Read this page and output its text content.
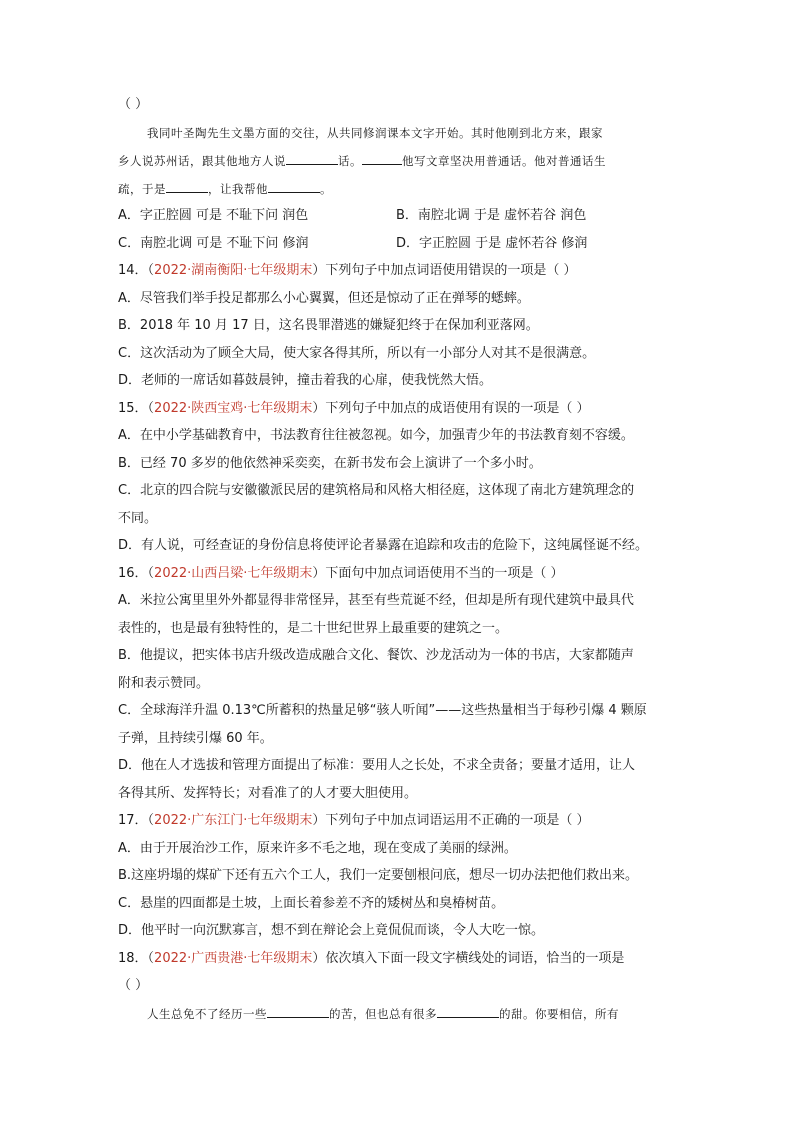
（ ）
我同叶圣陶先生文墨方面的交往，从共同修润课本文字开始。其时他刚到北方来，跟家
乡人说苏州话，跟其他地方人说	话。	他写文章坚决用普通话。他对普通话生
疏，于是	，让我帮他	。
A．字正腔圆 可是 不耻下问 润色	B．南腔北调 于是 虚怀若谷 润色
C．南腔北调 可是 不耻下问 修润	D．字正腔圆 于是 虚怀若谷 修润
14．（2022·湖南衡阳·七年级期末）下列句子中加点词语使用错误的一项是（ ）
A．尽管我们举手投足都那么小心翼翼，但还是惊动了正在弹琴的蟋蟀。
B．2018 年 10 月 17 日，这名畏罪潜逃的嫌疑犯终于在保加利亚落网。
C．这次活动为了顾全大局，使大家各得其所，所以有一小部分人对其不是很满意。
D．老师的一席话如暮鼓晨钟，撞击着我的心扉，使我恍然大悟。
15．（2022·陕西宝鸡·七年级期末）下列句子中加点的成语使用有误的一项是（ ）
A．在中小学基础教育中，书法教育往往被忽视。如今，加强青少年的书法教育刻不容缓。
B．已经 70 多岁的他依然神采奕奕，在新书发布会上演讲了一个多小时。
C．北京的四合院与安徽徽派民居的建筑格局和风格大相径庭，这体现了南北方建筑理念的
不同。
D．有人说，可经查证的身份信息将使评论者暴露在追踪和攻击的危险下，这纯属怪诞不经。
16．（2022·山西吕梁·七年级期末）下面句中加点词语使用不当的一项是（ ）
A．米拉公寓里里外外都显得非常怪异，甚至有些荒诞不经，但却是所有现代建筑中最具代
表性的，也是最有独特性的，是二十世纪世界上最重要的建筑之一。
B．他提议，把实体书店升级改造成融合文化、餐饮、沙龙活动为一体的书店，大家都随声
附和表示赞同。
C．全球海洋升温 0.13℃所蓄积的热量足够“骇人听闻”——这些热量相当于每秒引爆 4 颗原
子弹，且持续引爆 60 年。
D．他在人才选拔和管理方面提出了标准：要用人之长处，不求全责备；要量才适用，让人
各得其所、发挥特长；对看准了的人才要大胆使用。
17．（2022·广东江门·七年级期末）下列句子中加点词语运用不正确的一项是（ ）
A．由于开展治沙工作，原来许多不毛之地，现在变成了美丽的绿洲。
B.这座坍塌的煤矿下还有五六个工人，我们一定要刨根问底，想尽一切办法把他们救出来。
C．悬崖的四面都是土坡，上面长着参差不齐的矮树丛和臭椿树苗。
D．他平时一向沉默寡言，想不到在辩论会上竟侃侃而谈，令人大吃一惊。
18．（2022·广西贵港·七年级期末）依次填入下面一段文字横线处的词语，恰当的一项是
（ ）
人生总免不了经历一些	的苦，但也总有很多	的甜。你要相信，所有
